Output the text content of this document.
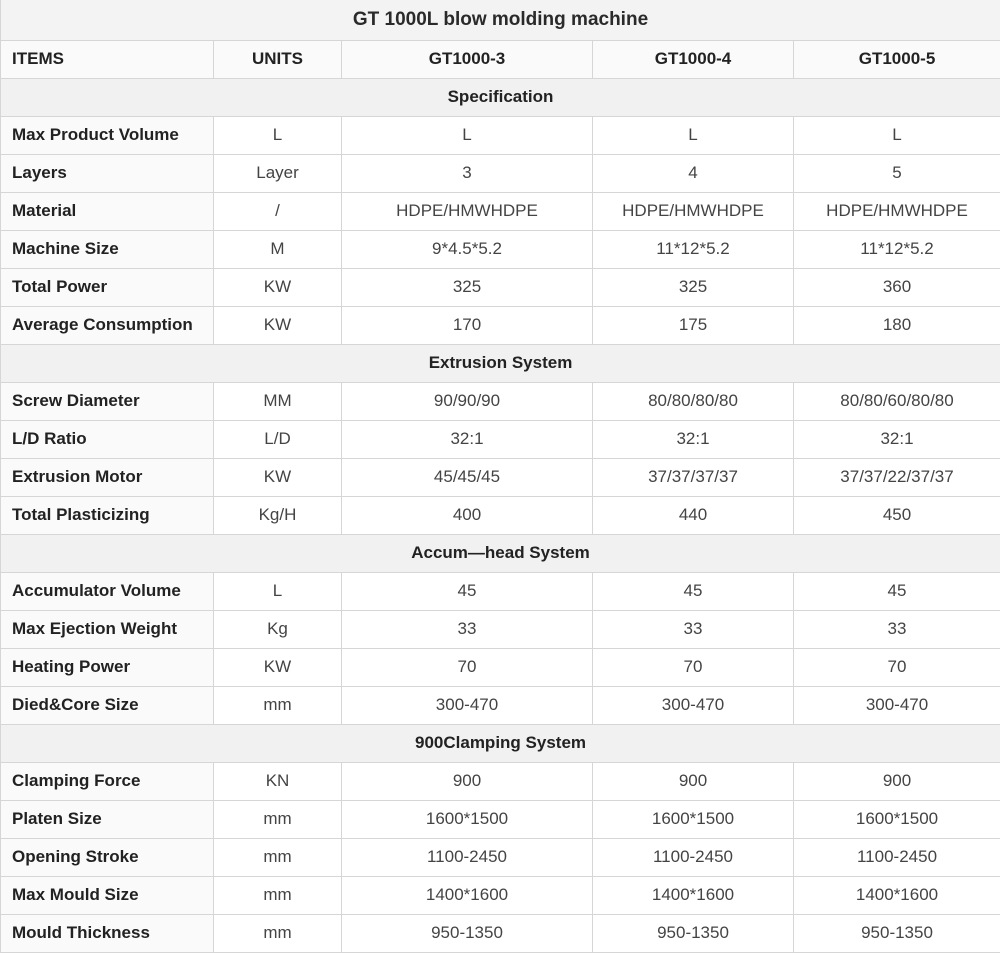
GT 1000L blow molding machine				
ITEMS	UNITS	GT1000-3	GT1000-4	GT1000-5
Specification				
Max Product Volume	L	L	L	L
Layers	Layer	3	4	5
Material	/	HDPE/HMWHDPE	HDPE/HMWHDPE	HDPE/HMWHDPE
Machine Size	M	9*4.5*5.2	11*12*5.2	11*12*5.2
Total Power	KW	325	325	360
Average Consumption	KW	170	175	180
Extrusion System				
Screw Diameter	MM	90/90/90	80/80/80/80	80/80/60/80/80
L/D Ratio	L/D	32:1	32:1	32:1
Extrusion Motor	KW	45/45/45	37/37/37/37	37/37/22/37/37
Total Plasticizing	Kg/H	400	440	450
Accum—head System				
Accumulator Volume	L	45	45	45
Max Ejection Weight	Kg	33	33	33
Heating Power	KW	70	70	70
Died&Core Size	mm	300-470	300-470	300-470
900Clamping System				
Clamping Force	KN	900	900	900
Platen Size	mm	1600*1500	1600*1500	1600*1500
Opening Stroke	mm	1100-2450	1100-2450	1100-2450
Max Mould Size	mm	1400*1600	1400*1600	1400*1600
Mould Thickness	mm	950-1350	950-1350	950-1350
